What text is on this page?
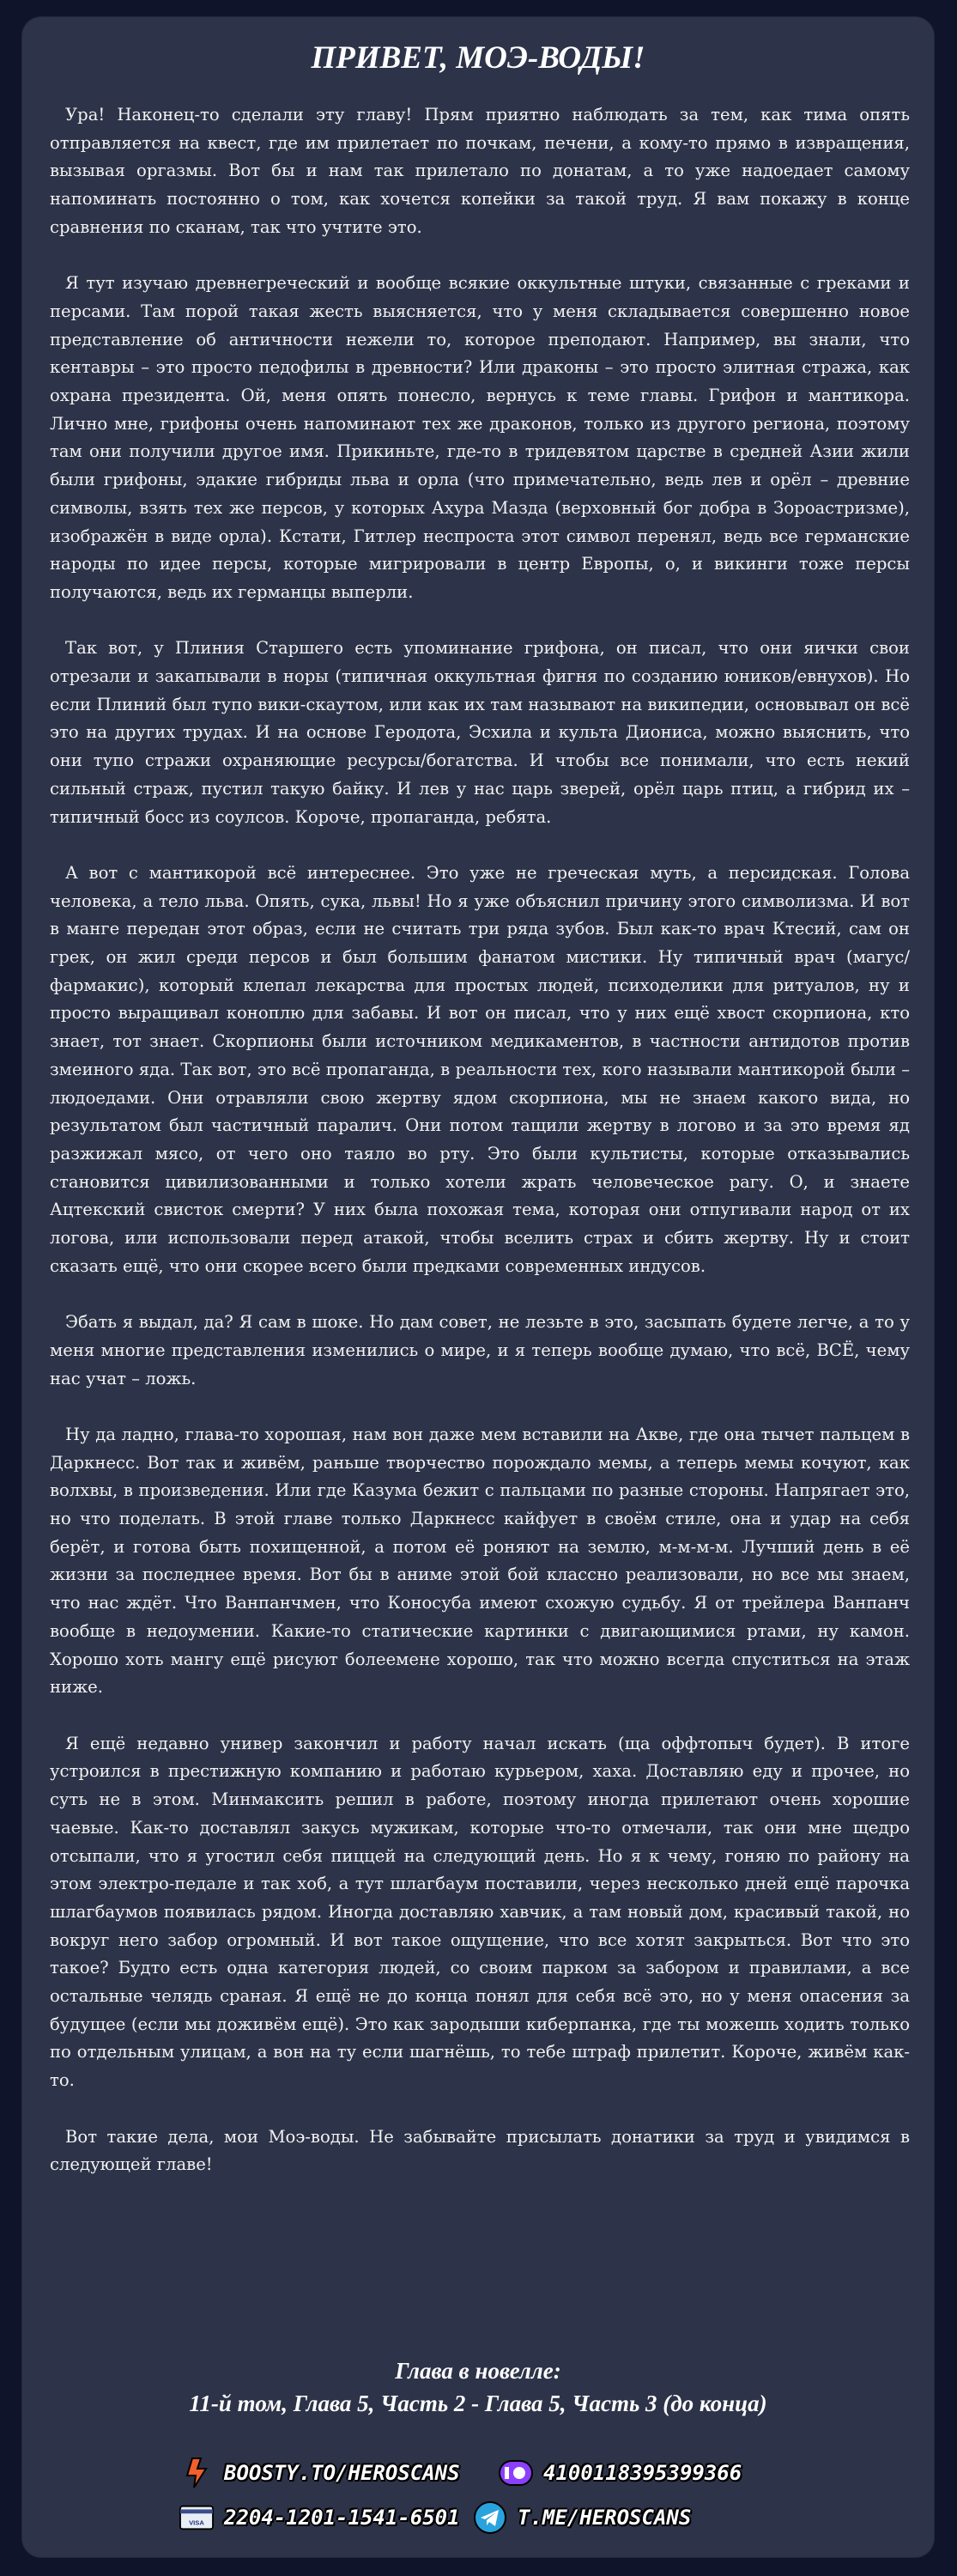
ПРИВЕТ, МОЭ-ВОДЫ!

Ура! Наконец-то сделали эту главу! Прям приятно наблюдать за тем, как тима опять отправляется на квест, где им прилетает по почкам, печени, а кому-то прямо в извращения, вызывая оргазмы. Вот бы и нам так прилетало по донатам, а то уже надоедает самому напоминать постоянно о том, как хочется копейки за такой труд. Я вам покажу в конце сравнения по сканам, так что учтите это.

Я тут изучаю древнегреческий и вообще всякие оккультные штуки, связанные с греками и персами. Там порой такая жесть выясняется, что у меня складывается совершенно новое представление об античности нежели то, которое преподают. Например, вы знали, что кентавры – это просто педофилы в древности? Или драконы – это просто элитная стража, как охрана президента. Ой, меня опять понесло, вернусь к теме главы. Грифон и мантикора. Лично мне, грифоны очень напоминают тех же драконов, только из другого региона, поэтому там они получили другое имя. Прикиньте, где-то в тридевятом царстве в средней Азии жили были грифоны, эдакие гибриды льва и орла (что примечательно, ведь лев и орёл – древние символы, взять тех же персов, у которых Ахура Мазда (верховный бог добра в Зороастризме), изображён в виде орла). Кстати, Гитлер неспроста этот символ перенял, ведь все германские народы по идее персы, которые мигрировали в центр Европы, о, и викинги тоже персы получаются, ведь их германцы выперли.

Так вот, у Плиния Старшего есть упоминание грифона, он писал, что они яички свои отрезали и закапывали в норы (типичная оккультная фигня по созданию юников/евнухов). Но если Плиний был тупо вики-скаутом, или как их там называют на википедии, основывал он всё это на других трудах. И на основе Геродота, Эсхила и культа Диониса, можно выяснить, что они тупо стражи охраняющие ресурсы/богатства. И чтобы все понимали, что есть некий сильный страж, пустил такую байку. И лев у нас царь зверей, орёл царь птиц, а гибрид их – типичный босс из соулсов. Короче, пропаганда, ребята.

А вот с мантикорой всё интереснее. Это уже не греческая муть, а персидская. Голова человека, а тело льва. Опять, сука, львы! Но я уже объяснил причину этого символизма. И вот в манге передан этот образ, если не считать три ряда зубов. Был как-то врач Ктесий, сам он грек, он жил среди персов и был большим фанатом мистики. Ну типичный врач (магус/фармакис), который клепал лекарства для простых людей, психоделики для ритуалов, ну и просто выращивал коноплю для забавы. И вот он писал, что у них ещё хвост скорпиона, кто знает, тот знает. Скорпионы были источником медикаментов, в частности антидотов против змеиного яда. Так вот, это всё пропаганда, в реальности тех, кого называли мантикорой были – людоедами. Они отравляли свою жертву ядом скорпиона, мы не знаем какого вида, но результатом был частичный паралич. Они потом тащили жертву в логово и за это время яд разжижал мясо, от чего оно таяло во рту. Это были культисты, которые отказывались становится цивилизованными и только хотели жрать человеческое рагу. О, и знаете Ацтекский свисток смерти? У них была похожая тема, которая они отпугивали народ от их логова, или использовали перед атакой, чтобы вселить страх и сбить жертву. Ну и стоит сказать ещё, что они скорее всего были предками современных индусов.

Эбать я выдал, да? Я сам в шоке. Но дам совет, не лезьте в это, засыпать будете легче, а то у меня многие представления изменились о мире, и я теперь вообще думаю, что всё, ВСЁ, чему нас учат – ложь.

Ну да ладно, глава-то хорошая, нам вон даже мем вставили на Акве, где она тычет пальцем в Даркнесс. Вот так и живём, раньше творчество порождало мемы, а теперь мемы кочуют, как волхвы, в произведения. Или где Казума бежит с пальцами по разные стороны. Напрягает это, но что поделать. В этой главе только Даркнесс кайфует в своём стиле, она и удар на себя берёт, и готова быть похищенной, а потом её роняют на землю, м-м-м-м. Лучший день в её жизни за последнее время. Вот бы в аниме этой бой классно реализовали, но все мы знаем, что нас ждёт. Что Ванпанчмен, что Коносуба имеют схожую судьбу. Я от трейлера Ванпанч вообще в недоумении. Какие-то статические картинки с двигающимися ртами, ну камон. Хорошо хоть мангу ещё рисуют болеемене хорошо, так что можно всегда спуститься на этаж ниже.

Я ещё недавно универ закончил и работу начал искать (ща оффтопыч будет). В итоге устроился в престижную компанию и работаю курьером, хаха. Доставляю еду и прочее, но суть не в этом. Минмаксить решил в работе, поэтому иногда прилетают очень хорошие чаевые. Как-то доставлял закусь мужикам, которые что-то отмечали, так они мне щедро отсыпали, что я угостил себя пиццей на следующий день. Но я к чему, гоняю по району на этом электро-педале и так хоб, а тут шлагбаум поставили, через несколько дней ещё парочка шлагбаумов появилась рядом. Иногда доставляю хавчик, а там новый дом, красивый такой, но вокруг него забор огромный. И вот такое ощущение, что все хотят закрыться. Вот что это такое? Будто есть одна категория людей, со своим парком за забором и правилами, а все остальные челядь сраная. Я ещё не до конца понял для себя всё это, но у меня опасения за будущее (если мы доживём ещё). Это как зародыши киберпанка, где ты можешь ходить только по отдельным улицам, а вон на ту если шагнёшь, то тебе штраф прилетит. Короче, живём как-то.

Вот такие дела, мои Моэ-воды. Не забывайте присылать донатики за труд и увидимся в следующей главе!

Глава в новелле:
11-й том, Глава 5, Часть 2 - Глава 5, Часть 3 (до конца)
BOOSTY.TO/HEROSCANS	4100118395399366
VISA 2204-1201-1541-6501	T.ME/HEROSCANS
